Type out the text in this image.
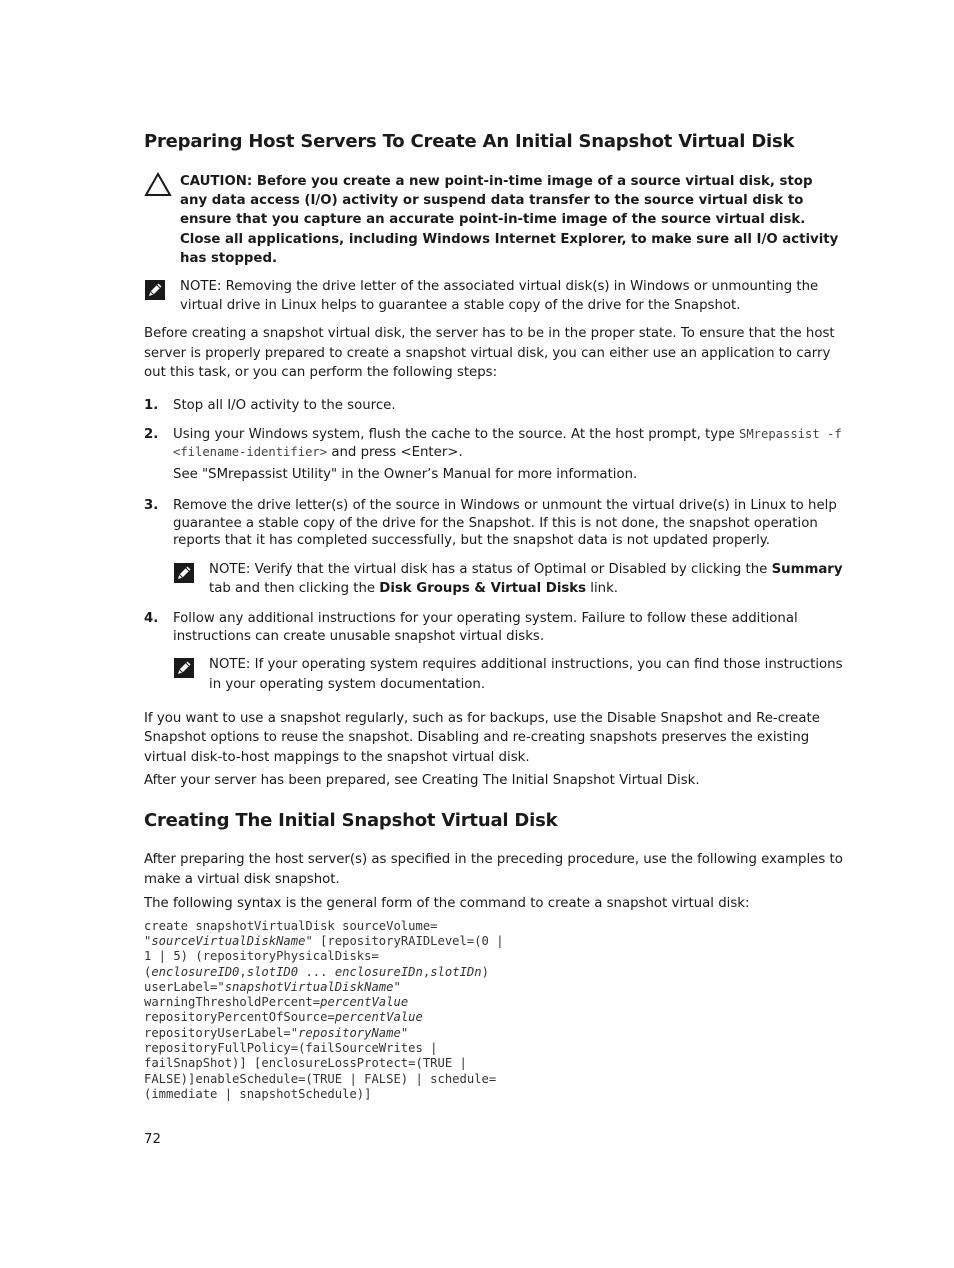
Preparing Host Servers To Create An Initial Snapshot Virtual Disk
CAUTION: Before you create a new point-in-time image of a source virtual disk, stop any data access (I/O) activity or suspend data transfer to the source virtual disk to ensure that you capture an accurate point-in-time image of the source virtual disk. Close all applications, including Windows Internet Explorer, to make sure all I/O activity has stopped.
NOTE: Removing the drive letter of the associated virtual disk(s) in Windows or unmounting the virtual drive in Linux helps to guarantee a stable copy of the drive for the Snapshot.

Before creating a snapshot virtual disk, the server has to be in the proper state. To ensure that the host server is properly prepared to create a snapshot virtual disk, you can either use an application to carry out this task, or you can perform the following steps:

1.	Stop all I/O activity to the source.
2.	Using your Windows system, flush the cache to the source. At the host prompt, type SMrepassist -f <filename-identifier> and press <Enter>.
See "SMrepassist Utility" in the Owner’s Manual for more information.
3.	Remove the drive letter(s) of the source in Windows or unmount the virtual drive(s) in Linux to help guarantee a stable copy of the drive for the Snapshot. If this is not done, the snapshot operation reports that it has completed successfully, but the snapshot data is not updated properly.
NOTE: Verify that the virtual disk has a status of Optimal or Disabled by clicking the Summary tab and then clicking the Disk Groups & Virtual Disks link.
4.	Follow any additional instructions for your operating system. Failure to follow these additional instructions can create unusable snapshot virtual disks.
NOTE: If your operating system requires additional instructions, you can find those instructions in your operating system documentation.

If you want to use a snapshot regularly, such as for backups, use the Disable Snapshot and Re-create Snapshot options to reuse the snapshot. Disabling and re-creating snapshots preserves the existing virtual disk-to-host mappings to the snapshot virtual disk.

After your server has been prepared, see Creating The Initial Snapshot Virtual Disk.

Creating The Initial Snapshot Virtual Disk

After preparing the host server(s) as specified in the preceding procedure, use the following examples to make a virtual disk snapshot.

The following syntax is the general form of the command to create a snapshot virtual disk:

create snapshotVirtualDisk sourceVolume=
"sourceVirtualDiskName" [repositoryRAIDLevel=(0 |
1 | 5) (repositoryPhysicalDisks=
(enclosureID0,slotID0 ... enclosureIDn,slotIDn)
userLabel="snapshotVirtualDiskName"
warningThresholdPercent=percentValue
repositoryPercentOfSource=percentValue
repositoryUserLabel="repositoryName"
repositoryFullPolicy=(failSourceWrites |
failSnapShot)] [enclosureLossProtect=(TRUE |
FALSE)]enableSchedule=(TRUE | FALSE) | schedule=
(immediate | snapshotSchedule)]
72
